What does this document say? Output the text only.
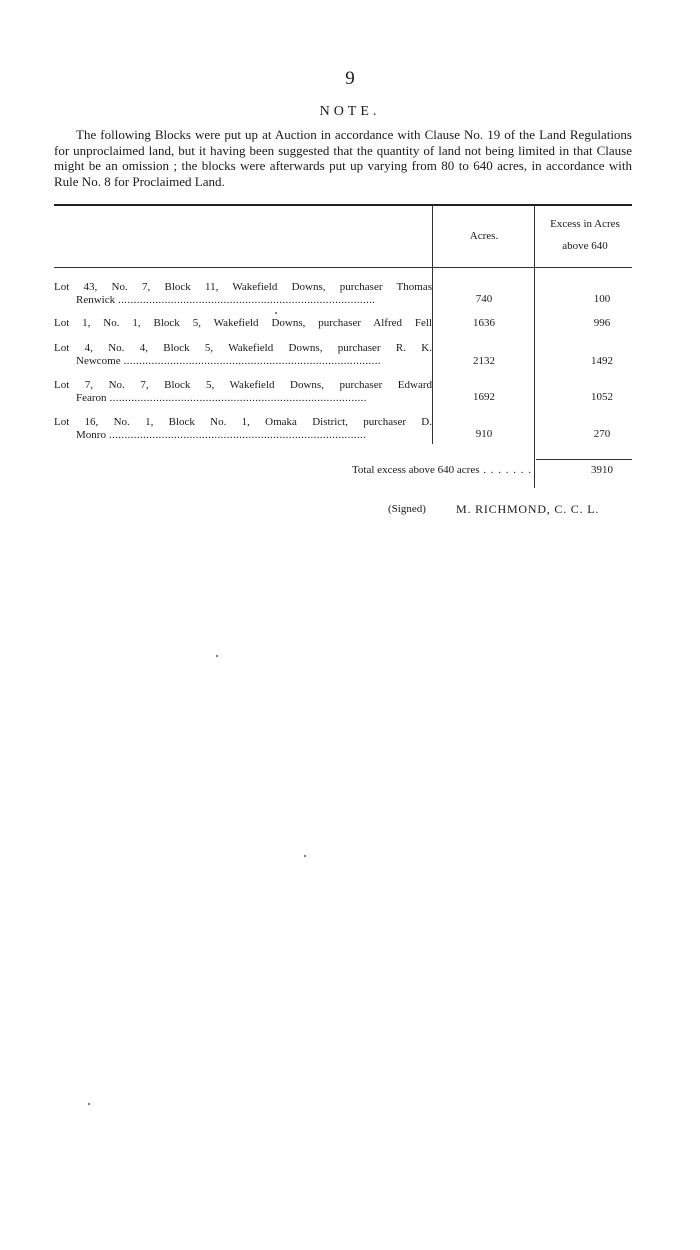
9
NOTE.
The following Blocks were put up at Auction in accordance with Clause No. 19 of the Land Regulations for unproclaimed land, but it having been suggested that the quantity of land not being limited in that Clause might be an omission ; the blocks were afterwards put up varying from 80 to 640 acres, in accordance with Rule No. 8 for Proclaimed Land.
Acres.
Excess in Acres
above 640
Lot 43, No. 7, Block 11, Wakefield Downs, purchaser Thomas
Renwick . . .	740	100
Lot 1, No. 1, Block 5, Wakefield Downs, purchaser Alfred Fell	1636	996
Lot 4, No. 4, Block 5, Wakefield Downs, purchaser R. K.
Newcome . . .	2132	1492
Lot 7, No. 7, Block 5, Wakefield Downs, purchaser Edward
Fearon . . .	1692	1052
Lot 16, No. 1, Block No. 1, Omaka District, purchaser D.
Monro . . .	910	270
Total excess above 640 acres . . . . . . .	3910
(Signed)	M. RICHMOND, C. C. L.
